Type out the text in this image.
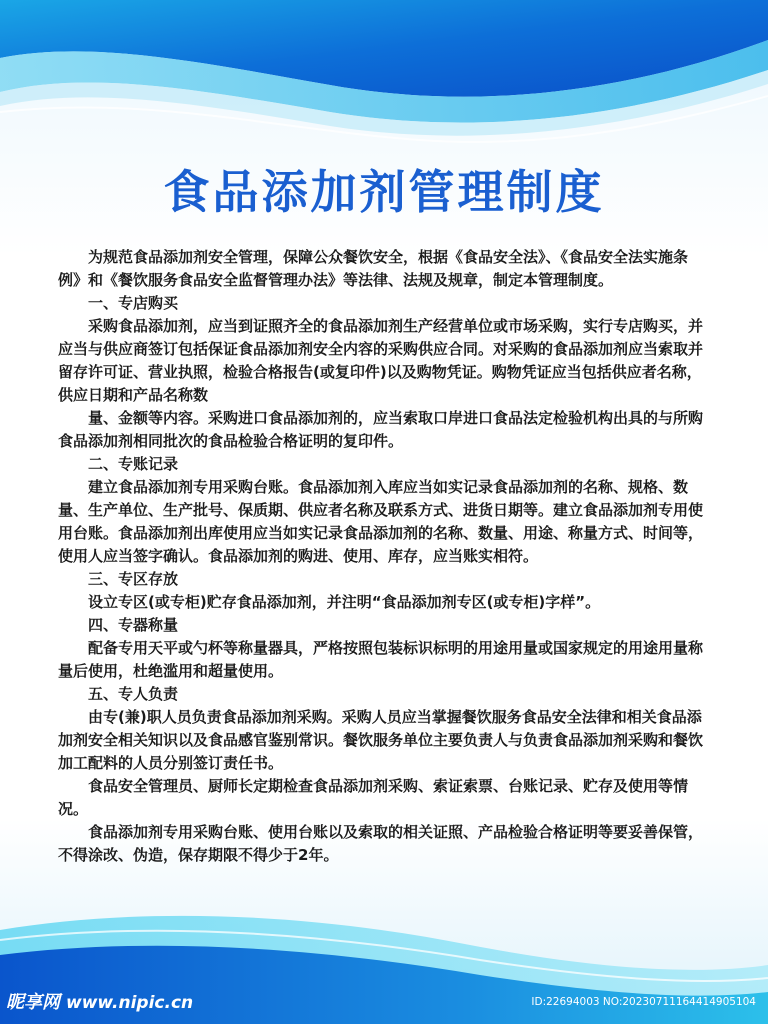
食品添加剂管理制度

为规范食品添加剂安全管理，保障公众餐饮安全，根据《食品安全法》、《食品安全法实施条例》和《餐饮服务食品安全监督管理办法》等法律、法规及规章，制定本管理制度。

一、专店购买

采购食品添加剂，应当到证照齐全的食品添加剂生产经营单位或市场采购，实行专店购买，并应当与供应商签订包括保证食品添加剂安全内容的采购供应合同。对采购的食品添加剂应当索取并留存许可证、营业执照，检验合格报告(或复印件)以及购物凭证。购物凭证应当包括供应者名称，供应日期和产品名称数

量、金额等内容。采购进口食品添加剂的，应当索取口岸进口食品法定检验机构出具的与所购食品添加剂相同批次的食品检验合格证明的复印件。

二、专账记录

建立食品添加剂专用采购台账。食品添加剂入库应当如实记录食品添加剂的名称、规格、数量、生产单位、生产批号、保质期、供应者名称及联系方式、进货日期等。建立食品添加剂专用使用台账。食品添加剂出库使用应当如实记录食品添加剂的名称、数量、用途、称量方式、时间等，使用人应当签字确认。食品添加剂的购进、使用、库存，应当账实相符。

三、专区存放

设立专区(或专柜)贮存食品添加剂，并注明“食品添加剂专区(或专柜)字样”。

四、专器称量

配备专用天平或勺杯等称量器具，严格按照包装标识标明的用途用量或国家规定的用途用量称量后使用，杜绝滥用和超量使用。

五、专人负责

由专(兼)职人员负责食品添加剂采购。采购人员应当掌握餐饮服务食品安全法律和相关食品添加剂安全相关知识以及食品感官鉴别常识。餐饮服务单位主要负责人与负责食品添加剂采购和餐饮加工配料的人员分别签订责任书。

食品安全管理员、厨师长定期检查食品添加剂采购、索证索票、台账记录、贮存及使用等情况。

食品添加剂专用采购台账、使用台账以及索取的相关证照、产品检验合格证明等要妥善保管，不得涂改、伪造，保存期限不得少于2年。

昵享网 www.nipic.cn	ID:22694003 NO:20230711164414905104
